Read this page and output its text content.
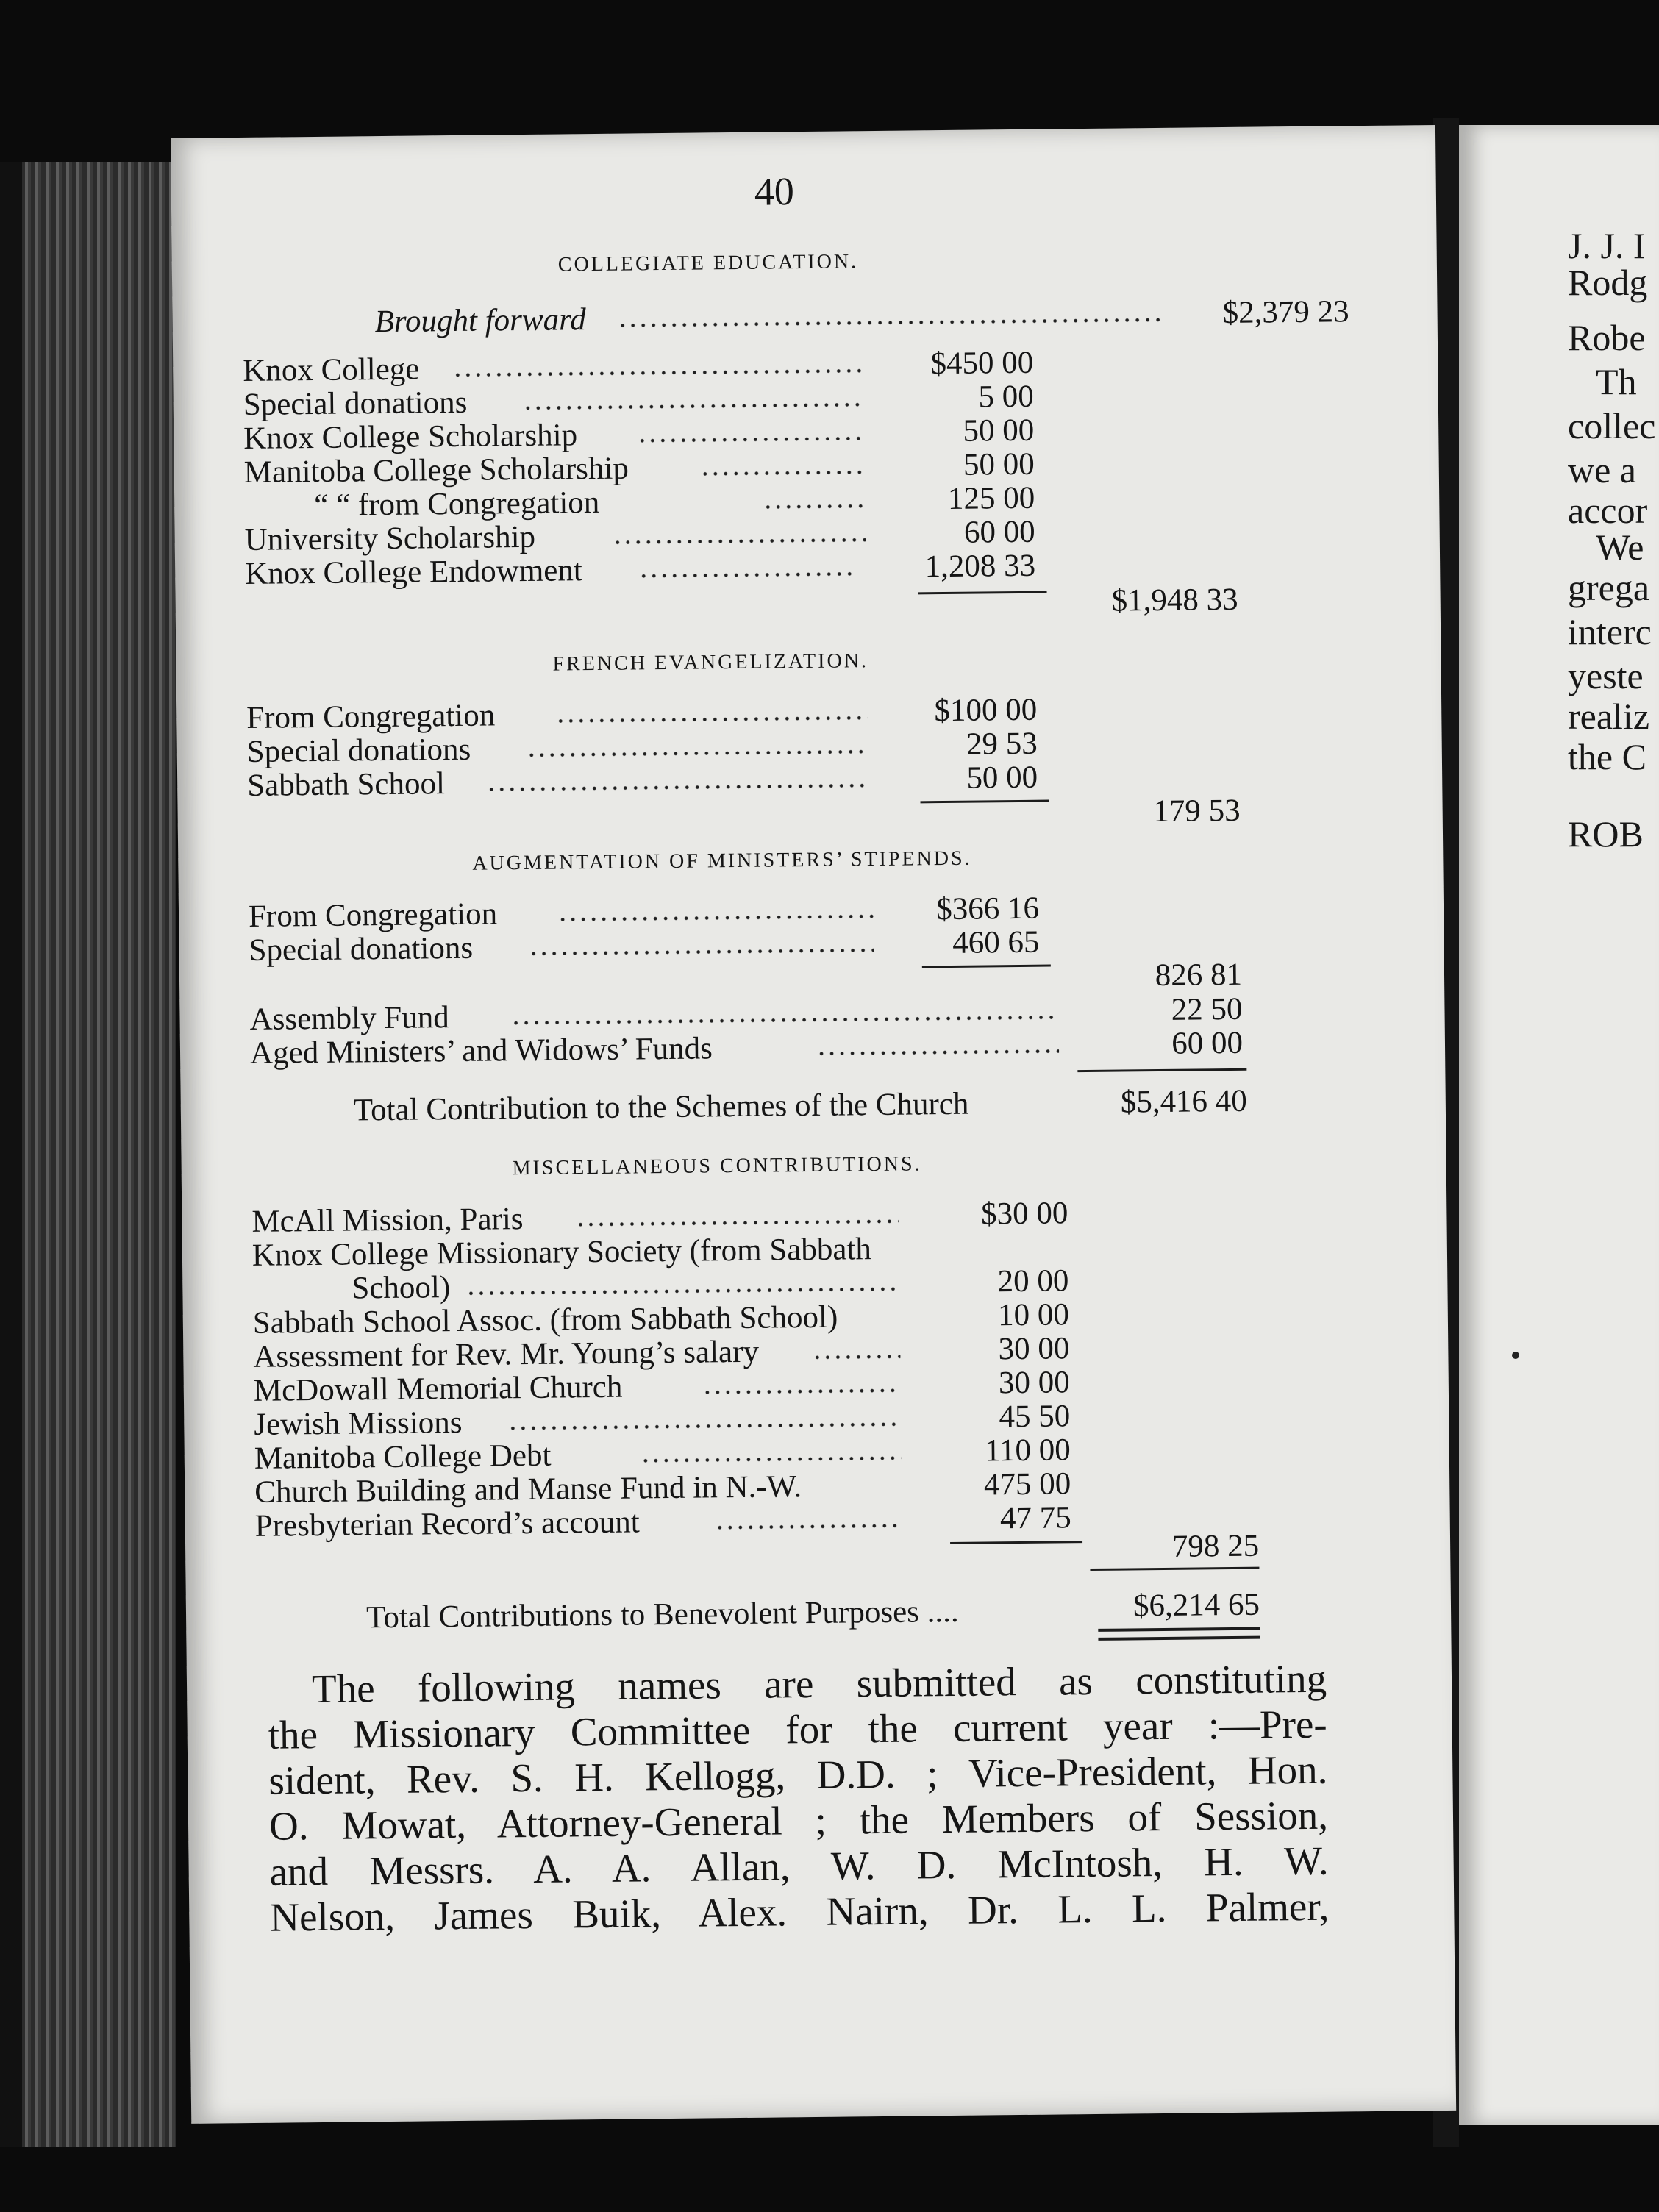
J. J. I
Rodg
Robe
Th
collec
we a
accor
We
grega
interc
yeste
realiz
the C
ROB
40
COLLEGIATE EDUCATION.
Brought forward	$2,379 23
Knox College	$450 00
Special donations	5 00
Knox College Scholarship	50 00
Manitoba College Scholarship	50 00
“ “ from Congregation	125 00
University Scholarship	60 00
Knox College Endowment	1,208 33
$1,948 33
FRENCH EVANGELIZATION.
From Congregation	$100 00
Special donations	29 53
Sabbath School	50 00
179 53
AUGMENTATION OF MINISTERS’ STIPENDS.
From Congregation	$366 16
Special donations	460 65
826 81
Assembly Fund	22 50
Aged Ministers’ and Widows’ Funds	60 00
Total Contribution to the Schemes of the Church	$5,416 40
MISCELLANEOUS CONTRIBUTIONS.
McAll Mission, Paris	$30 00
Knox College Missionary Society (from Sabbath
School)	20 00
Sabbath School Assoc. (from Sabbath School)	10 00
Assessment for Rev. Mr. Young’s salary	30 00
McDowall Memorial Church	30 00
Jewish Missions	45 50
Manitoba College Debt	110 00
Church Building and Manse Fund in N.-W.	475 00
Presbyterian Record’s account	47 75
798 25
Total Contributions to Benevolent Purposes ....	$6,214 65
The following names are submitted as constituting
the Missionary Committee for the current year :—Pre-
sident, Rev. S. H. Kellogg, D.D. ; Vice-President, Hon.
O. Mowat, Attorney-General ; the Members of Session,
and Messrs. A. A. Allan, W. D. McIntosh, H. W.
Nelson, James Buik, Alex. Nairn, Dr. L. L. Palmer,
